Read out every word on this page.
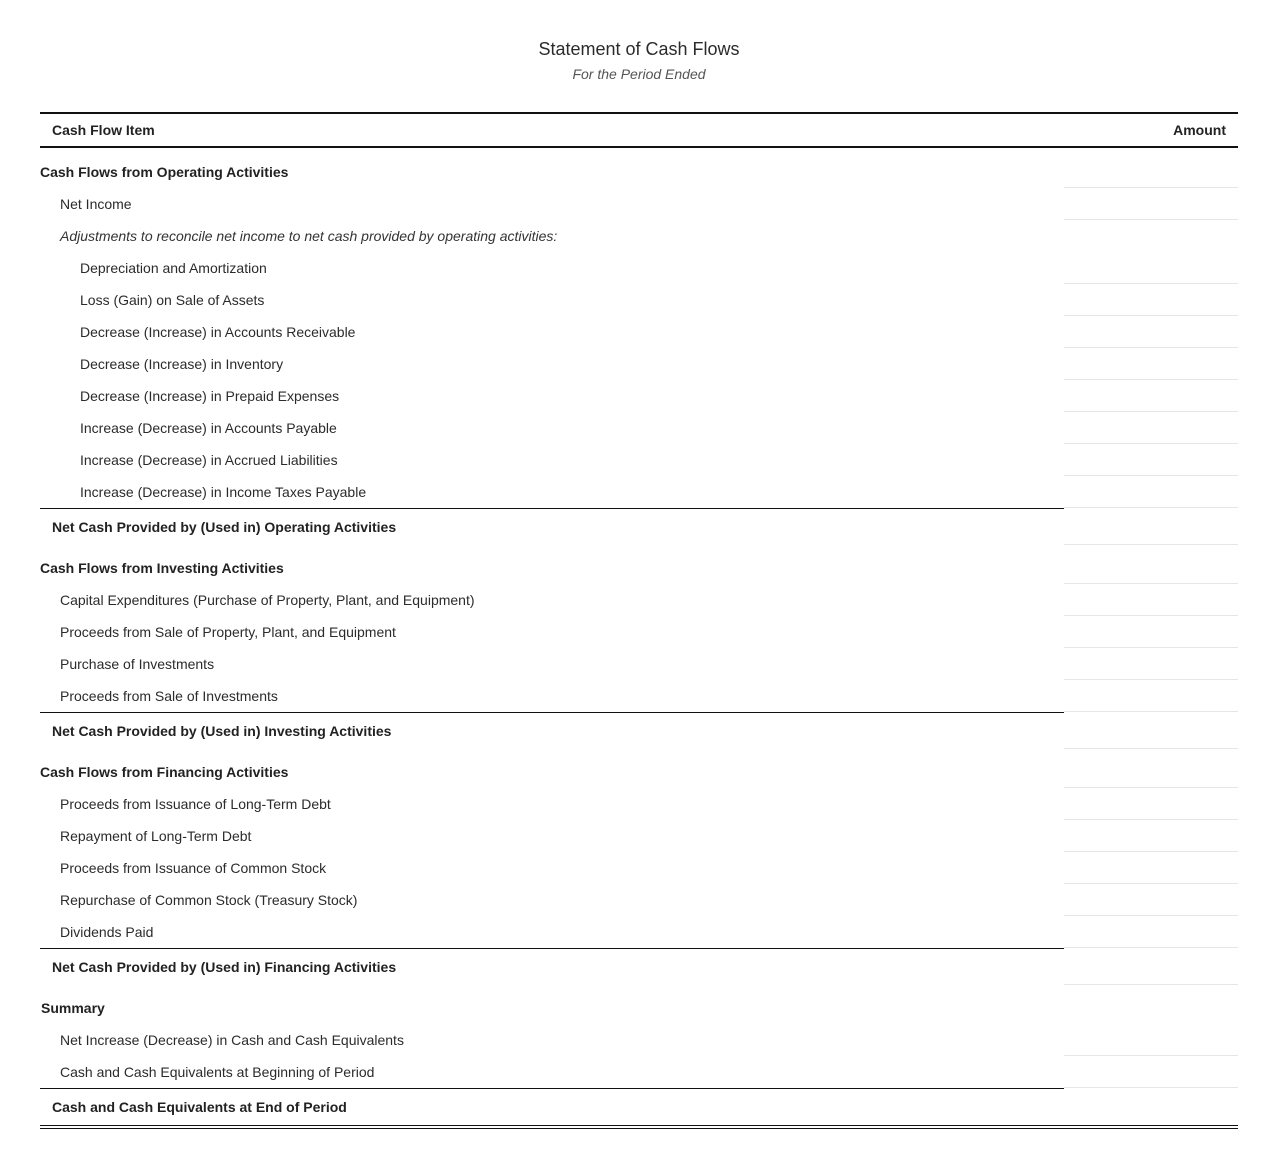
Statement of Cash Flows
For the Period Ended
Cash Flow Item	Amount
Cash Flows from Operating Activities
Net Income
Adjustments to reconcile net income to net cash provided by operating activities:
Depreciation and Amortization
Loss (Gain) on Sale of Assets
Decrease (Increase) in Accounts Receivable
Decrease (Increase) in Inventory
Decrease (Increase) in Prepaid Expenses
Increase (Decrease) in Accounts Payable
Increase (Decrease) in Accrued Liabilities
Increase (Decrease) in Income Taxes Payable
Net Cash Provided by (Used in) Operating Activities
Cash Flows from Investing Activities
Capital Expenditures (Purchase of Property, Plant, and Equipment)
Proceeds from Sale of Property, Plant, and Equipment
Purchase of Investments
Proceeds from Sale of Investments
Net Cash Provided by (Used in) Investing Activities
Cash Flows from Financing Activities
Proceeds from Issuance of Long-Term Debt
Repayment of Long-Term Debt
Proceeds from Issuance of Common Stock
Repurchase of Common Stock (Treasury Stock)
Dividends Paid
Net Cash Provided by (Used in) Financing Activities
Summary
Net Increase (Decrease) in Cash and Cash Equivalents
Cash and Cash Equivalents at Beginning of Period
Cash and Cash Equivalents at End of Period
